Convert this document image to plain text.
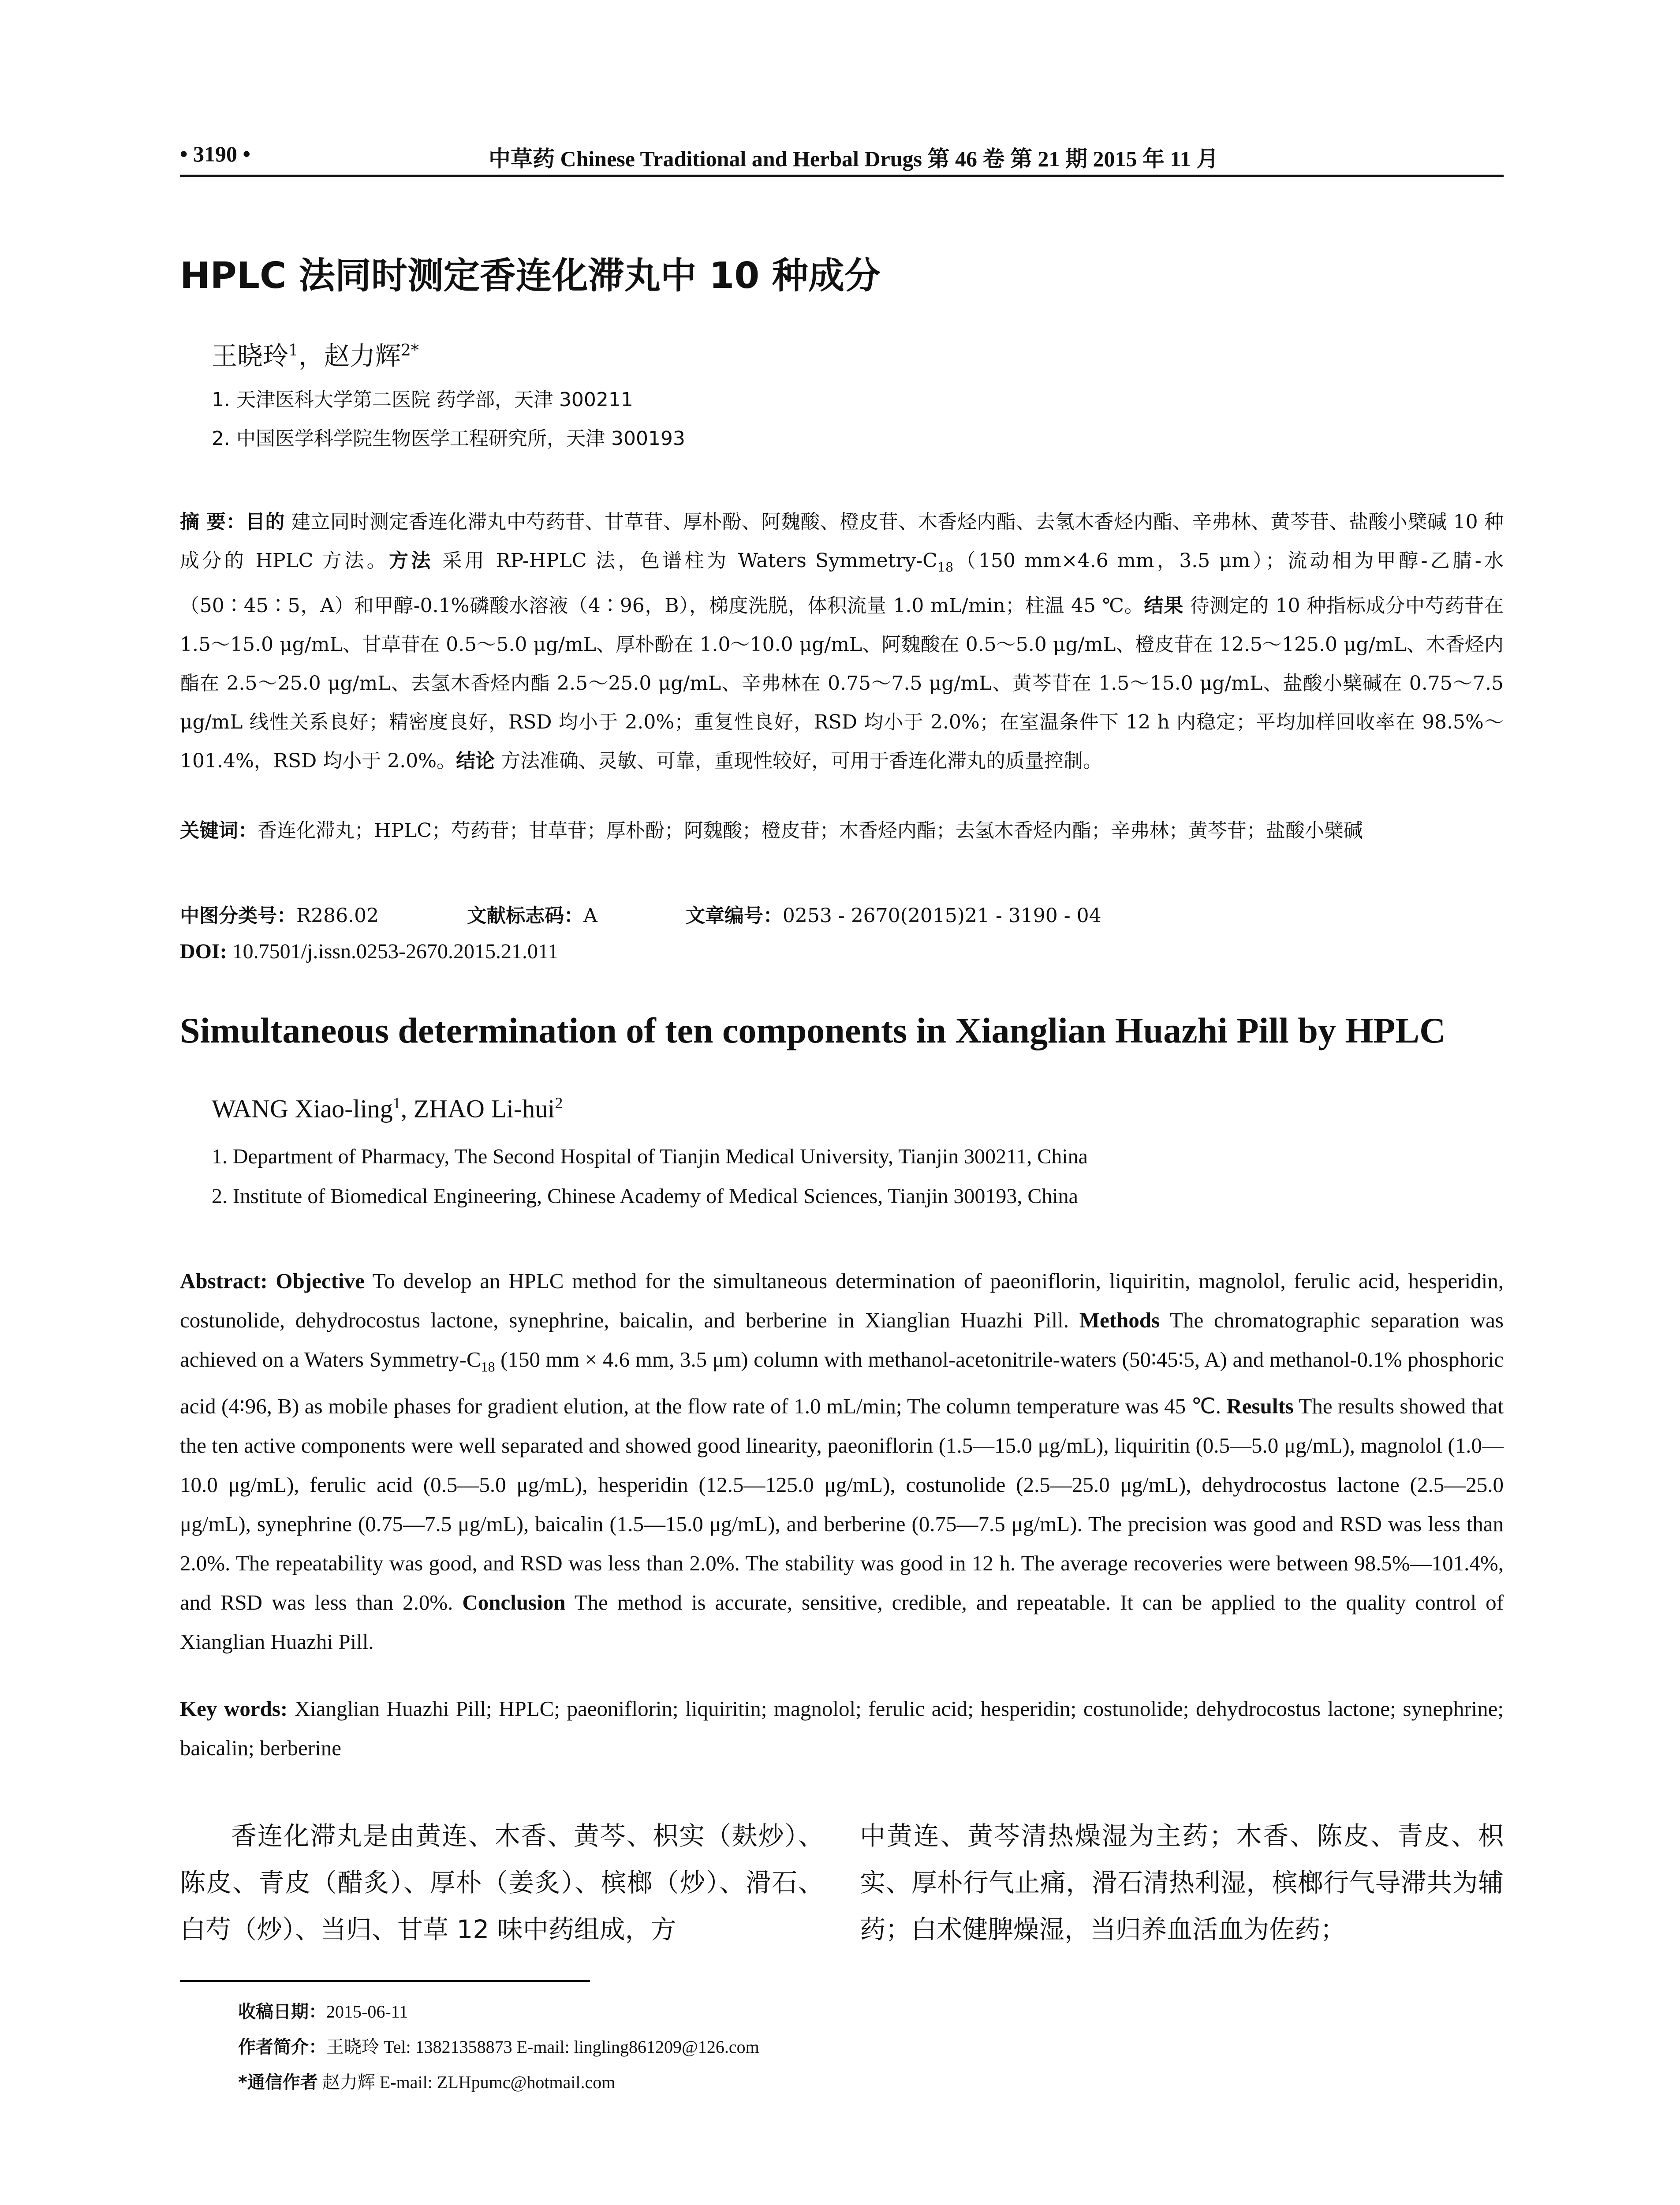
• 3190 •	中草药 Chinese Traditional and Herbal Drugs 第 46 卷 第 21 期 2015 年 11 月
HPLC 法同时测定香连化滞丸中 10 种成分
王晓玲$^1$，赵力辉$^{2*}$
1. 天津医科大学第二医院 药学部，天津 300211
2. 中国医学科学院生物医学工程研究所，天津 300193
摘 要：目的 建立同时测定香连化滞丸中芍药苷、甘草苷、厚朴酚、阿魏酸、橙皮苷、木香烃内酯、去氢木香烃内酯、辛弗林、黄芩苷、盐酸小檗碱 10 种成分的 HPLC 方法。方法 采用 RP-HPLC 法，色谱柱为 Waters Symmetry-$C_{18}(150$ mm×4.6 mm，3.5 μm）；流动相为甲醇-乙腈-水（50∶45∶5，A）和甲醇-0.1%磷酸水溶液（4∶96，B），梯度洗脱，体积流量 1.0 mL/min；柱温 45 ℃。结果 待测定的 10 种指标成分中芍药苷在 1.5～15.0 μg/mL、甘草苷在 0.5～5.0 μg/mL、厚朴酚在 1.0～10.0 μg/mL、阿魏酸在 0.5～5.0 μg/mL、橙皮苷在 12.5～125.0 μg/mL、木香烃内酯在 2.5～25.0 μg/mL、去氢木香烃内酯 2.5～25.0 μg/mL、辛弗林在 0.75～7.5 μg/mL、黄芩苷在 1.5～15.0 μg/mL、盐酸小檗碱在 0.75～7.5 μg/mL 线性关系良好；精密度良好，RSD 均小于 2.0%；重复性良好，RSD 均小于 2.0%；在室温条件下 12 h 内稳定；平均加样回收率在 98.5%～101.4%，RSD 均小于 2.0%。结论 方法准确、灵敏、可靠，重现性较好，可用于香连化滞丸的质量控制。
关键词：香连化滞丸；HPLC；芍药苷；甘草苷；厚朴酚；阿魏酸；橙皮苷；木香烃内酯；去氢木香烃内酯；辛弗林；黄芩苷；盐酸小檗碱
中图分类号：R286.02	文献标志码：A	文章编号：0253 - 2670(2015)21 - 3190 - 04
DOI: 10.7501/j.issn.0253-2670.2015.21.011
Simultaneous determination of ten components in Xianglian Huazhi Pill by HPLC
WANG Xiao-ling$^1$, ZHAO Li-hui$^2$
1. Department of Pharmacy, The Second Hospital of Tianjin Medical University, Tianjin 300211, China
2. Institute of Biomedical Engineering, Chinese Academy of Medical Sciences, Tianjin 300193, China
Abstract: Objective To develop an HPLC method for the simultaneous determination of paeoniflorin, liquiritin, magnolol, ferulic acid, hesperidin, costunolide, dehydrocostus lactone, synephrine, baicalin, and berberine in Xianglian Huazhi Pill. Methods The chromatographic separation was achieved on a Waters Symmetry-$C_{18}$ (150 mm × 4.6 mm, 3.5 μm) column with methanol-acetonitrile-waters (50∶45∶5, A) and methanol-0.1% phosphoric acid (4∶96, B) as mobile phases for gradient elution, at the flow rate of 1.0 mL/min; The column temperature was 45 ℃. Results The results showed that the ten active components were well separated and showed good linearity, paeoniflorin (1.5—15.0 μg/mL), liquiritin (0.5—5.0 μg/mL), magnolol (1.0—10.0 μg/mL), ferulic acid (0.5—5.0 μg/mL), hesperidin (12.5—125.0 μg/mL), costunolide (2.5—25.0 μg/mL), dehydrocostus lactone (2.5—25.0 μg/mL), synephrine (0.75—7.5 μg/mL), baicalin (1.5—15.0 μg/mL), and berberine (0.75—7.5 μg/mL). The precision was good and RSD was less than 2.0%. The repeatability was good, and RSD was less than 2.0%. The stability was good in 12 h. The average recoveries were between 98.5%—101.4%, and RSD was less than 2.0%. Conclusion The method is accurate, sensitive, credible, and repeatable. It can be applied to the quality control of Xianglian Huazhi Pill.
Key words: Xianglian Huazhi Pill; HPLC; paeoniflorin; liquiritin; magnolol; ferulic acid; hesperidin; costunolide; dehydrocostus lactone; synephrine; baicalin; berberine
香连化滞丸是由黄连、木香、黄芩、枳实（麸炒）、陈皮、青皮（醋炙）、厚朴（姜炙）、槟榔（炒）、滑石、白芍（炒）、当归、甘草 12 味中药组成，方
中黄连、黄芩清热燥湿为主药；木香、陈皮、青皮、枳实、厚朴行气止痛，滑石清热利湿，槟榔行气导滞共为辅药；白术健脾燥湿，当归养血活血为佐药；
收稿日期：2015-06-11
作者简介：王晓玲 Tel: 13821358873 E-mail: lingling861209@126.com
*通信作者 赵力辉 E-mail: ZLHpumc@hotmail.com
